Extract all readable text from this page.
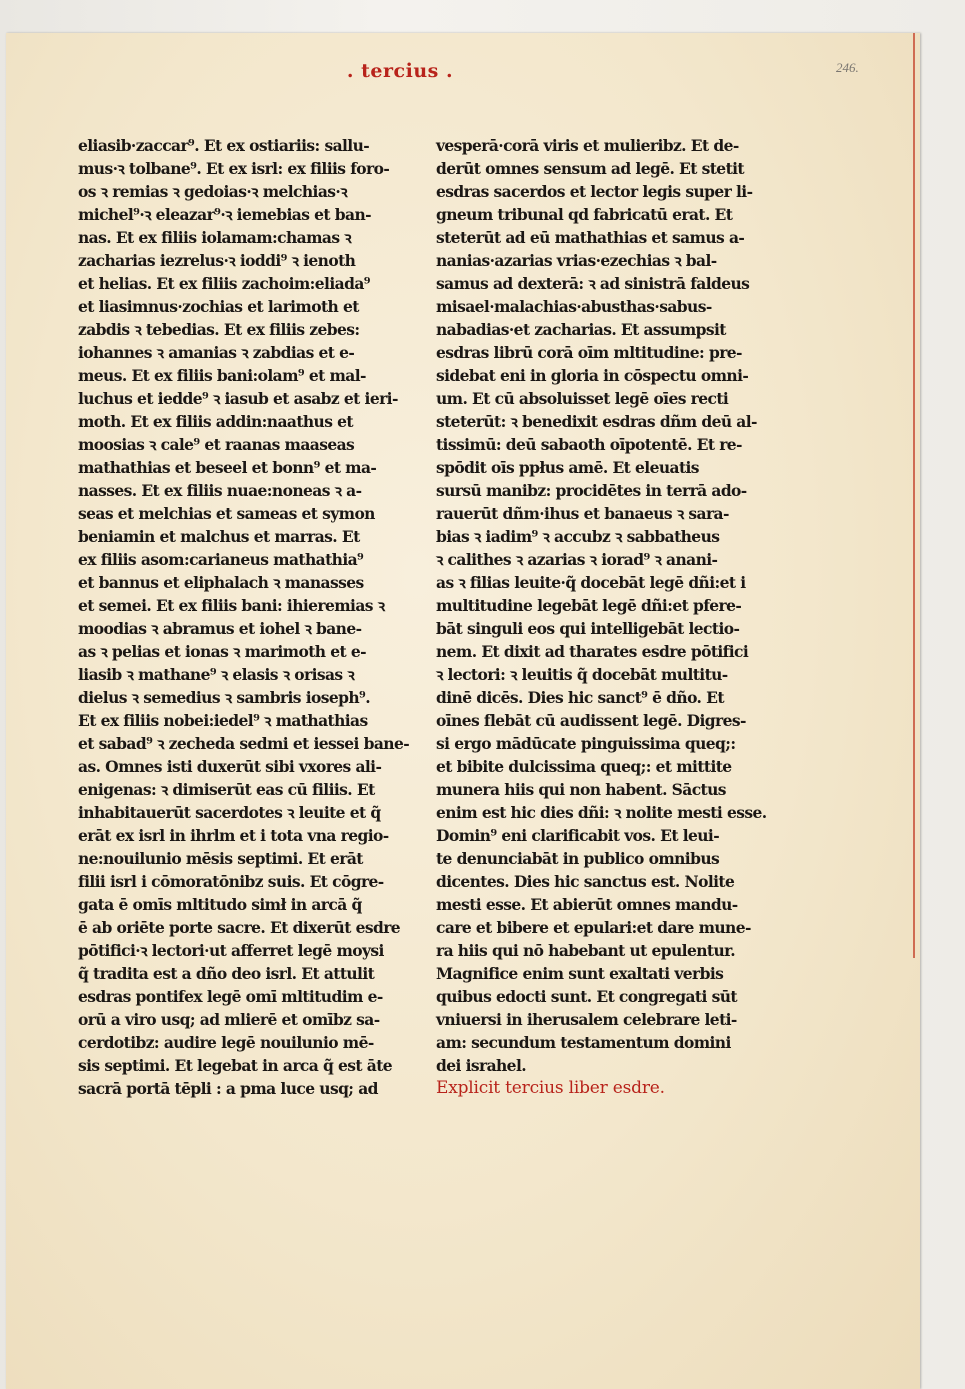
. tercius .	246.
eliasib·zaccar⁹. Et ex ostiariis: sallu-
mus·ꝛ tolbane⁹. Et ex isrl: ex filiis foro-
os ꝛ remias ꝛ gedoias·ꝛ melchias·ꝛ
michel⁹·ꝛ eleazar⁹·ꝛ iemebias et ban-
nas. Et ex filiis iolamam:chamas ꝛ
zacharias iezrelus·ꝛ ioddi⁹ ꝛ ienoth
et helias. Et ex filiis zachoim:eliada⁹
et liasimnus·zochias et larimoth et
zabdis ꝛ tebedias. Et ex filiis zebes:
iohannes ꝛ amanias ꝛ zabdias et e-
meus. Et ex filiis bani:olam⁹ et mal-
luchus et iedde⁹ ꝛ iasub et asabz et ieri-
moth. Et ex filiis addin:naathus et
moosias ꝛ cale⁹ et raanas maaseas
mathathias et beseel et bonn⁹ et ma-
nasses. Et ex filiis nuae:noneas ꝛ a-
seas et melchias et sameas et symon
beniamin et malchus et marras. Et
ex filiis asom:carianeus mathathia⁹
et bannus et eliphalach ꝛ manasses
et semei. Et ex filiis bani: ihieremias ꝛ
moodias ꝛ abramus et iohel ꝛ bane-
as ꝛ pelias et ionas ꝛ marimoth et e-
liasib ꝛ mathane⁹ ꝛ elasis ꝛ orisas ꝛ
dielus ꝛ semedius ꝛ sambris ioseph⁹.
Et ex filiis nobei:iedel⁹ ꝛ mathathias
et sabad⁹ ꝛ zecheda sedmi et iessei bane-
as. Omnes isti duxerūt sibi vxores ali-
enigenas: ꝛ dimiserūt eas cū filiis. Et
inhabitauerūt sacerdotes ꝛ leuite et q̃
erāt ex isrl in ihrlm et i tota vna regio-
ne:nouilunio mēsis septimi. Et erāt
filii isrl i cōmoratōnibz suis. Et cōgre-
gata ē omīs mltitudo simł in arcā q̃
ē ab oriēte porte sacre. Et dixerūt esdre
pōtifici·ꝛ lectori·ut afferret legē moysi
q̃ tradita est a dño deo isrl. Et attulit
esdras pontifex legē omī mltitudim e-
orū a viro usq; ad mlierē et omībz sa-
cerdotibz: audire legē nouilunio mē-
sis septimi. Et legebat in arca q̃ est āte
sacrā portā tēpli : a pma luce usq; ad
vesperā·corā viris et mulieribz. Et de-
derūt omnes sensum ad legē. Et stetit
esdras sacerdos et lector legis super li-
gneum tribunal qd fabricatū erat. Et
steterūt ad eū mathathias et samus a-
nanias·azarias vrias·ezechias ꝛ bal-
samus ad dexterā: ꝛ ad sinistrā faldeus
misael·malachias·abusthas·sabus-
nabadias·et zacharias. Et assumpsit
esdras librū corā oīm mltitudine: pre-
sidebat eni in gloria in cōspectu omni-
um. Et cū absoluisset legē oīes recti
steterūt: ꝛ benedixit esdras dñm deū al-
tissimū: deū sabaoth oīpotentē. Et re-
spōdit oīs ppłus amē. Et eleuatis
sursū manibz: procidētes in terrā ado-
rauerūt dñm·ihus et banaeus ꝛ sara-
bias ꝛ iadim⁹ ꝛ accubz ꝛ sabbatheus
ꝛ calithes ꝛ azarias ꝛ iorad⁹ ꝛ anani-
as ꝛ filias leuite·q̃ docebāt legē dñi:et i
multitudine legebāt legē dñi:et pfere-
bāt singuli eos qui intelligebāt lectio-
nem. Et dixit ad tharates esdre pōtifici
ꝛ lectori: ꝛ leuitis q̃ docebāt multitu-
dinē dicēs. Dies hic sanct⁹ ē dño. Et
oīnes flebāt cū audissent legē. Digres-
si ergo mādūcate pinguissima queq;:
et bibite dulcissima queq;: et mittite
munera hiis qui non habent. Sāctus
enim est hic dies dñi: ꝛ nolite mesti esse.
Domin⁹ eni clarificabit vos. Et leui-
te denunciabāt in publico omnibus
dicentes. Dies hic sanctus est. Nolite
mesti esse. Et abierūt omnes mandu-
care et bibere et epulari:et dare mune-
ra hiis qui nō habebant ut epulentur.
Magnifice enim sunt exaltati verbis
quibus edocti sunt. Et congregati sūt
vniuersi in iherusalem celebrare leti-
am: secundum testamentum domini
dei israhel.
Explicit tercius liber esdre.
